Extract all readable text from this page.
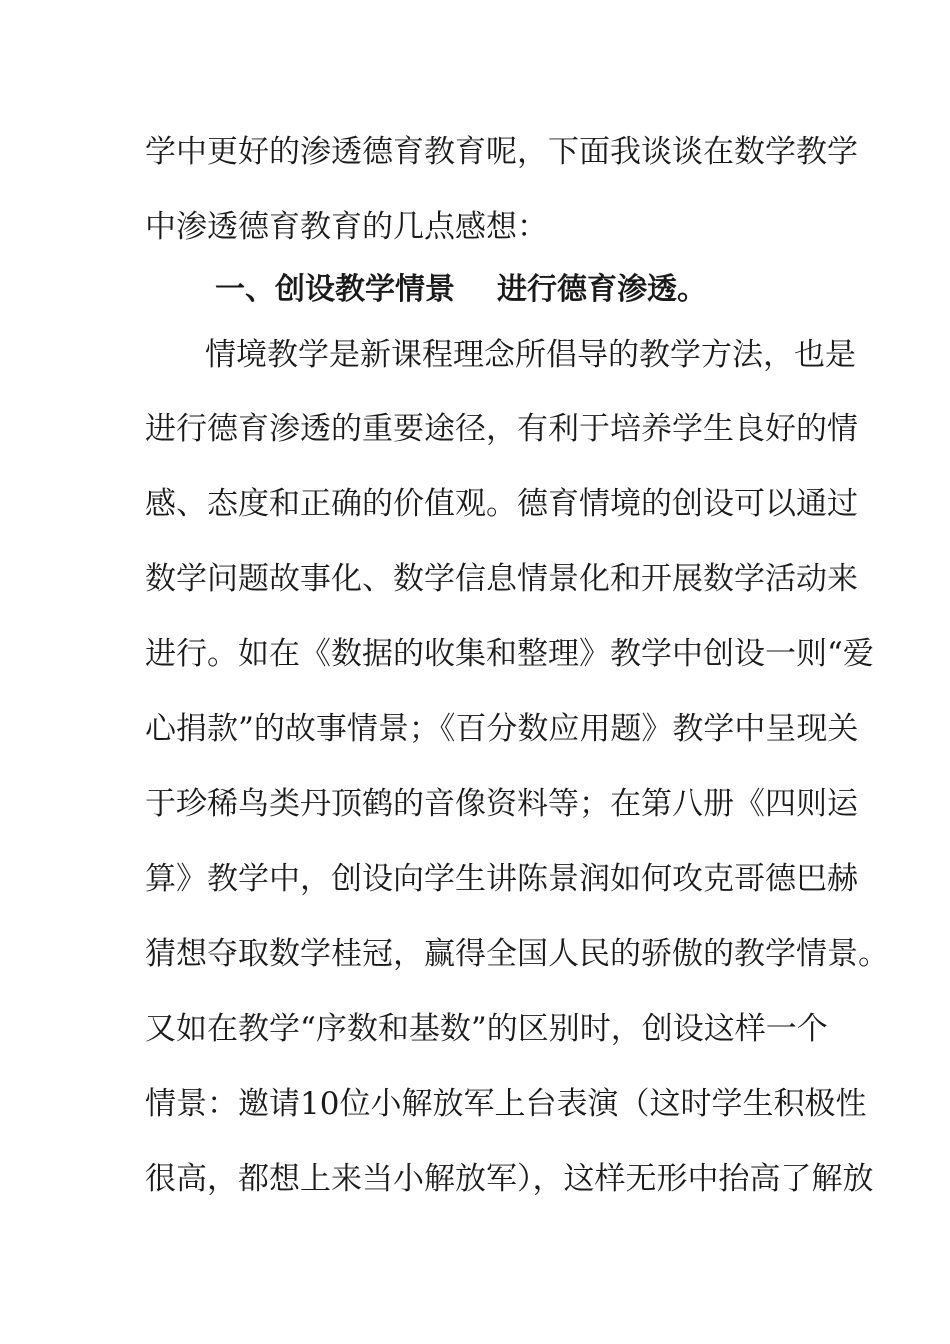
学中更好的渗透德育教育呢，下面我谈谈在数学教学
中渗透德育教育的几点感想：
一、创设教学情景 进行德育渗透。
情境教学是新课程理念所倡导的教学方法，也是
进行德育渗透的重要途径，有利于培养学生良好的情
感、态度和正确的价值观。德育情境的创设可以通过
数学问题故事化、数学信息情景化和开展数学活动来
进行。如在《数据的收集和整理》教学中创设一则“爱
心捐款”的故事情景；《百分数应用题》教学中呈现关
于珍稀鸟类丹顶鹤的音像资料等；在第八册《四则运
算》教学中，创设向学生讲陈景润如何攻克哥德巴赫
猜想夺取数学桂冠，赢得全国人民的骄傲的教学情景。
又如在教学“序数和基数”的区别时，创设这样一个
情景：邀请10位小解放军上台表演（这时学生积极性
很高，都想上来当小解放军），这样无形中抬高了解放
